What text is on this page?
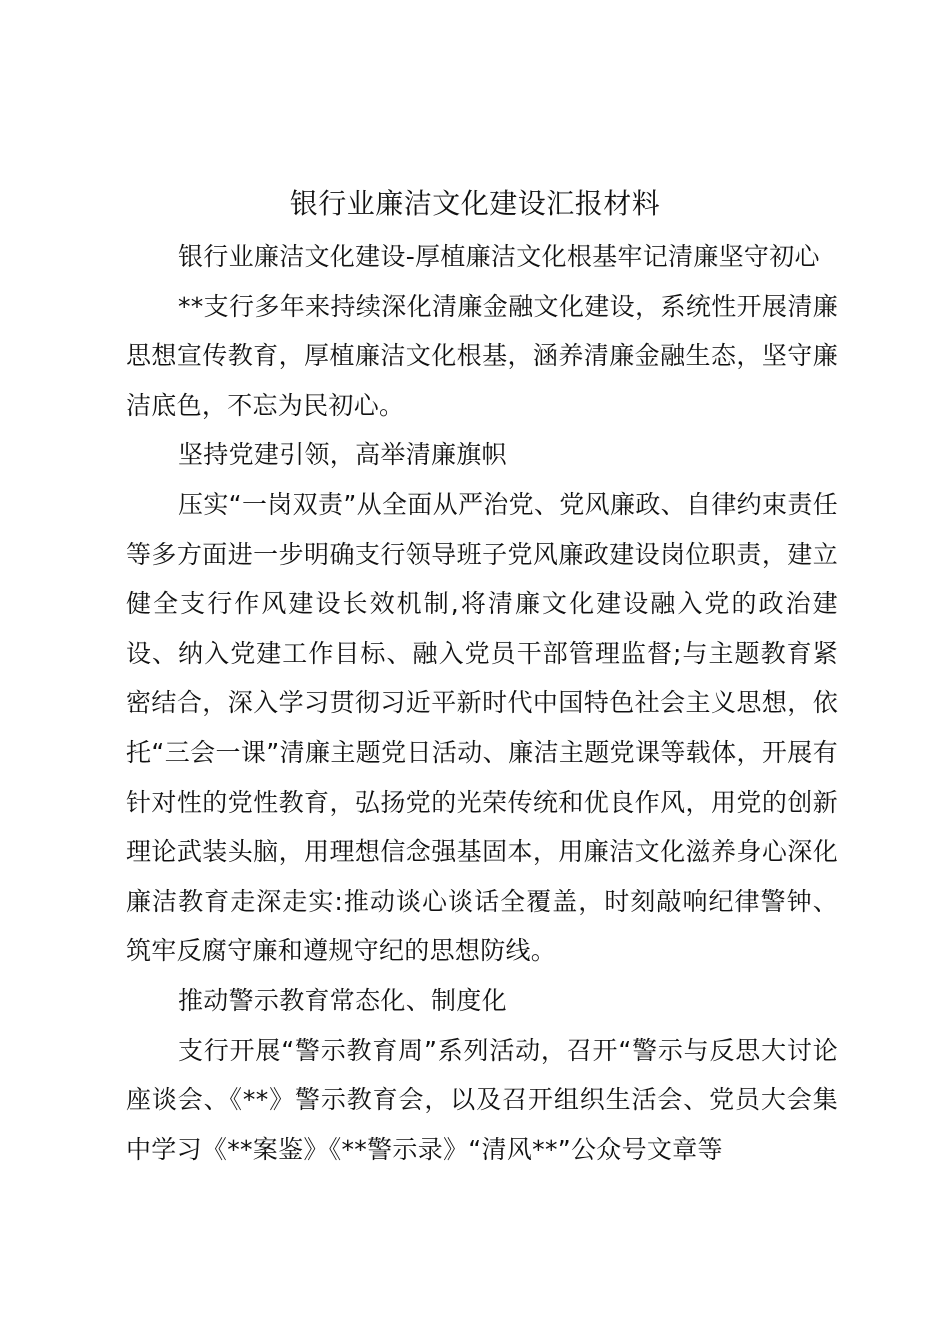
银行业廉洁文化建设汇报材料

银行业廉洁文化建设-厚植廉洁文化根基牢记清廉坚守初心

**支行多年来持续深化清廉金融文化建设，系统性开展清廉思想宣传教育，厚植廉洁文化根基，涵养清廉金融生态，坚守廉洁底色，不忘为民初心。

坚持党建引领，高举清廉旗帜

压实“一岗双责”从全面从严治党、党风廉政、自律约束责任等多方面进一步明确支行领导班子党风廉政建设岗位职责，建立健全支行作风建设长效机制,将清廉文化建设融入党的政治建设、纳入党建工作目标、融入党员干部管理监督;与主题教育紧密结合，深入学习贯彻习近平新时代中国特色社会主义思想，依托“三会一课”清廉主题党日活动、廉洁主题党课等载体，开展有针对性的党性教育，弘扬党的光荣传统和优良作风，用党的创新理论武装头脑，用理想信念强基固本，用廉洁文化滋养身心深化廉洁教育走深走实:推动谈心谈话全覆盖，时刻敲响纪律警钟、筑牢反腐守廉和遵规守纪的思想防线。

推动警示教育常态化、制度化

支行开展“警示教育周”系列活动，召开“警示与反思大讨论座谈会、《**》警示教育会，以及召开组织生活会、党员大会集中学习《**案鉴》《**警示录》“清风**”公众号文章等
